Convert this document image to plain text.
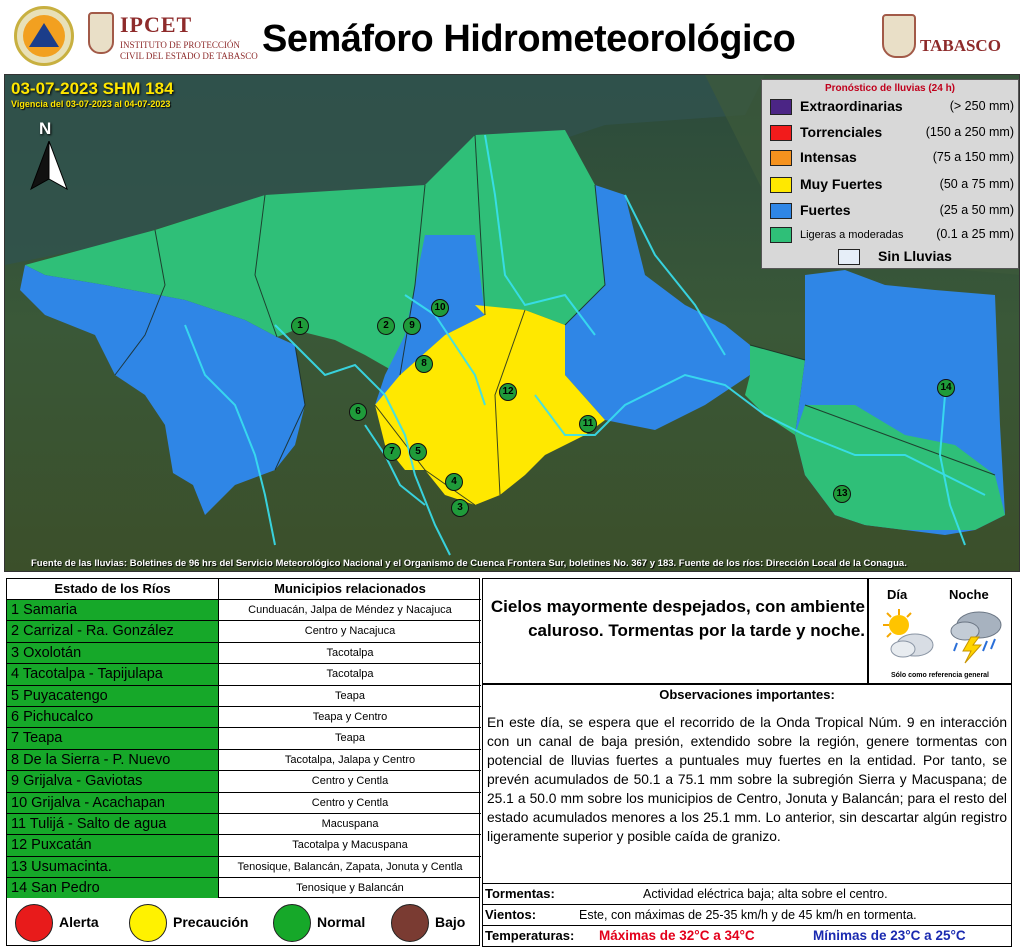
IPCET
INSTITUTO DE PROTECCIÓN CIVIL DEL ESTADO DE TABASCO Semáforo Hidrometeorológico	TABASCO
03-07-2023 SHM 184
Vigencia del 03-07-2023 al 04-07-2023
N
1	2
3
4
5
6
7
8
9
10
11
12
13
14
Pronóstico de lluvias (24 h)
Extraordinarias	(> 250 mm)
Torrenciales	(150 a 250 mm)
Intensas	(75 a 150 mm)
Muy Fuertes	(50 a 75 mm)
Fuertes	(25 a 50 mm)
Ligeras a moderadas	(0.1 a 25 mm)
Sin Lluvias
Fuente de las lluvias: Boletines de 96 hrs del Servicio Meteorológico Nacional y el Organismo de Cuenca Frontera Sur, boletines No. 367 y 183. Fuente de los ríos: Dirección Local de la Conagua.
Estado de los Ríos	Municipios relacionados
1 Samaria	Cunduacán, Jalpa de Méndez y Nacajuca
2 Carrizal - Ra. González	Centro y Nacajuca
3 Oxolotán	Tacotalpa
4 Tacotalpa - Tapijulapa	Tacotalpa
5 Puyacatengo	Teapa
6 Pichucalco	Teapa y Centro
7 Teapa	Teapa
8 De la Sierra - P. Nuevo	Tacotalpa, Jalapa y Centro
9 Grijalva - Gaviotas	Centro y Centla
10 Grijalva - Acachapan	Centro y Centla
11 Tulijá - Salto de agua	Macuspana
12 Puxcatán	Tacotalpa y Macuspana
13 Usumacinta.	Tenosique, Balancán, Zapata, Jonuta y Centla
14 San Pedro	Tenosique y Balancán
Alerta	Precaución	Normal	Bajo
Cielos mayormente despejados, con ambiente caluroso. Tormentas por la tarde y noche.
Día	Noche
Sólo como referencia general
Observaciones importantes:
En este día, se espera que el recorrido de la Onda Tropical Núm. 9 en interacción con un canal de baja presión, extendido sobre la región, genere tormentas con potencial de lluvias fuertes a puntuales muy fuertes en la entidad. Por tanto, se prevén acumulados de 50.1 a 75.1 mm sobre la subregión Sierra y Macuspana; de 25.1 a 50.0 mm sobre los municipios de Centro, Jonuta y Balancán; para el resto del estado acumulados menores a los 25.1 mm. Lo anterior, sin descartar algún registro ligeramente superior y posible caída de granizo.
Tormentas:	Actividad eléctrica baja; alta sobre el centro.
Vientos:	Este, con máximas de 25-35 km/h y de 45 km/h en tormenta.
Temperaturas: Máximas de 32°C a 34°C	Mínimas de 23°C a 25°C
